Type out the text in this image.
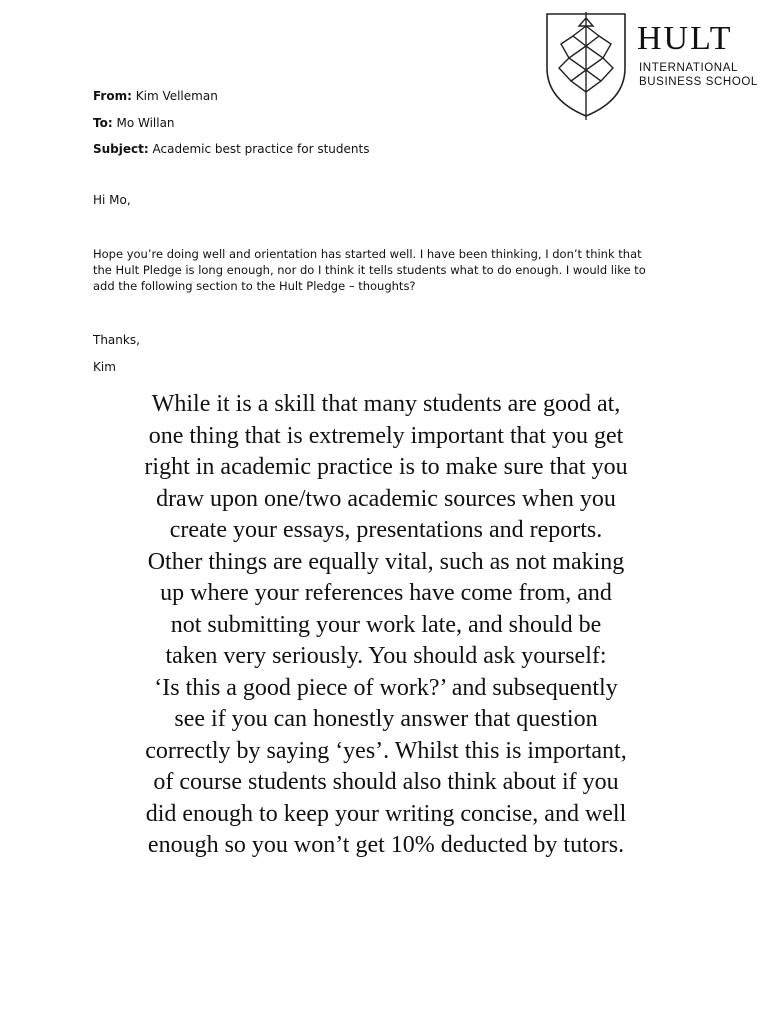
HULT
INTERNATIONAL
BUSINESS SCHOOL
From: Kim Velleman
To: Mo Willan
Subject: Academic best practice for students
Hi Mo,
Hope you’re doing well and orientation has started well. I have been thinking, I don’t think that the Hult Pledge is long enough, nor do I think it tells students what to do enough. I would like to add the following section to the Hult Pledge – thoughts?
Thanks,
Kim
While it is a skill that many students are good at,
one thing that is extremely important that you get
right in academic practice is to make sure that you
draw upon one/two academic sources when you
create your essays, presentations and reports.
Other things are equally vital, such as not making
up where your references have come from, and
not submitting your work late, and should be
taken very seriously. You should ask yourself:
‘Is this a good piece of work?’ and subsequently
see if you can honestly answer that question
correctly by saying ‘yes’. Whilst this is important,
of course students should also think about if you
did enough to keep your writing concise, and well
enough so you won’t get 10% deducted by tutors.
